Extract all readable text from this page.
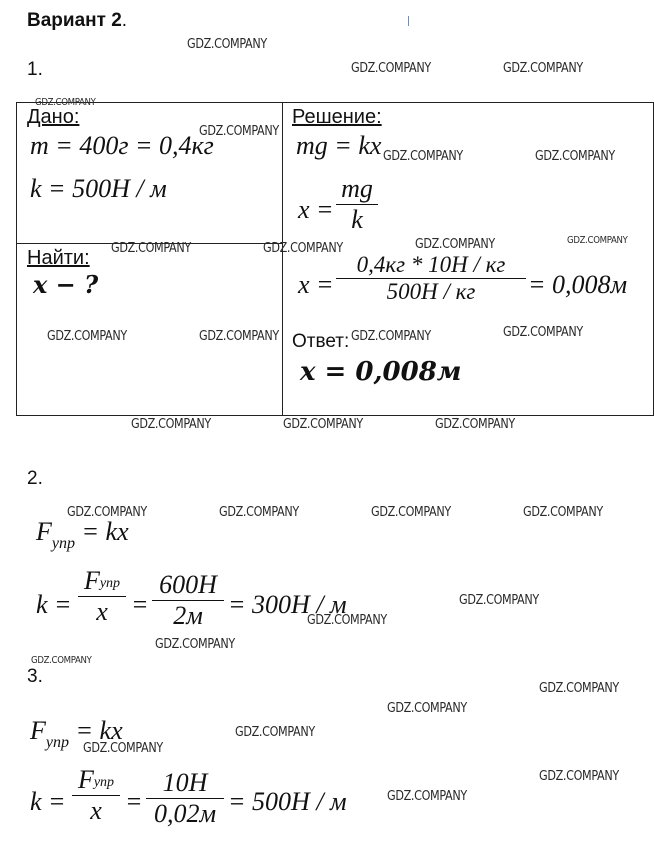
Вариант 2.
1.
Дано:
m = 400г = 0,4кг
k = 500Н / м
Найти:
x − ?
Решение:
mg = kx
x =
mg
k
x =
0,4кг * 10Н / кг
500Н / кг = 0,008м
Ответ:
x = 0,008м
2.
$F_{упр}$ = kx
k =
Fупр
x =
600Н
2м = 300Н / м
3.
$F_{упр}$ = kx
k =
Fупр
x =
10Н
0,02м = 500Н / м
GDZ.COMPANY
GDZ.COMPANY	GDZ.COMPANY
GDZ.COMPANY
GDZ.COMPANY
GDZ.COMPANY	GDZ.COMPANY
GDZ.COMPANY	GDZ.COMPANY	GDZ.COMPANY	GDZ.COMPANY
GDZ.COMPANY	GDZ.COMPANY	GDZ.COMPANY	GDZ.COMPANY
GDZ.COMPANY	GDZ.COMPANY	GDZ.COMPANY
GDZ.COMPANY	GDZ.COMPANY	GDZ.COMPANY	GDZ.COMPANY
GDZ.COMPANY
GDZ.COMPANY
GDZ.COMPANY
GDZ.COMPANY
GDZ.COMPANY
GDZ.COMPANY
GDZ.COMPANY
GDZ.COMPANY
GDZ.COMPANY
GDZ.COMPANY
